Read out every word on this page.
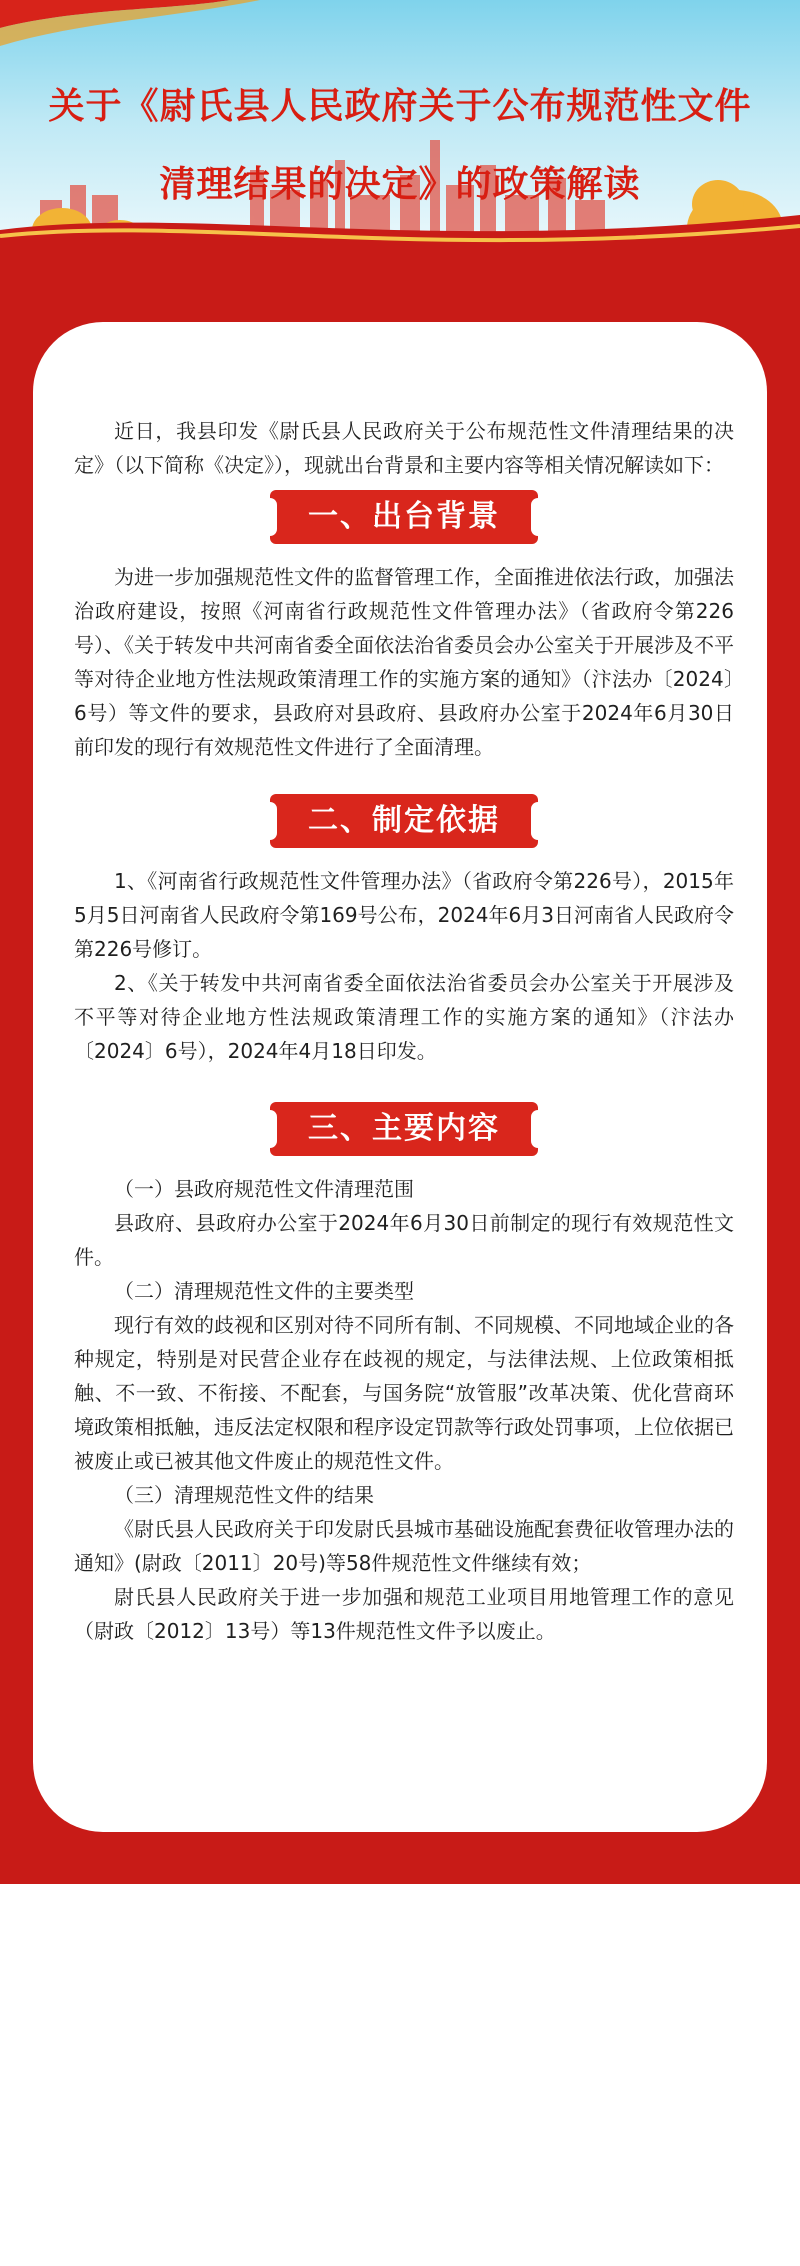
关于《尉氏县人民政府关于公布规范性文件
清理结果的决定》的政策解读

近日，我县印发《尉氏县人民政府关于公布规范性文件清理结果的决定》（以下简称《决定》），现就出台背景和主要内容等相关情况解读如下：

一、出台背景

为进一步加强规范性文件的监督管理工作，全面推进依法行政，加强法治政府建设，按照《河南省行政规范性文件管理办法》（省政府令第226号）、《关于转发中共河南省委全面依法治省委员会办公室关于开展涉及不平等对待企业地方性法规政策清理工作的实施方案的通知》（汴法办〔2024〕6号）等文件的要求，县政府对县政府、县政府办公室于2024年6月30日前印发的现行有效规范性文件进行了全面清理。

二、制定依据

1、《河南省行政规范性文件管理办法》（省政府令第226号），2015年5月5日河南省人民政府令第169号公布，2024年6月3日河南省人民政府令第226号修订。

2、《关于转发中共河南省委全面依法治省委员会办公室关于开展涉及不平等对待企业地方性法规政策清理工作的实施方案的通知》（汴法办〔2024〕6号），2024年4月18日印发。

三、主要内容

（一）县政府规范性文件清理范围

县政府、县政府办公室于2024年6月30日前制定的现行有效规范性文件。

（二）清理规范性文件的主要类型

现行有效的歧视和区别对待不同所有制、不同规模、不同地域企业的各种规定，特别是对民营企业存在歧视的规定，与法律法规、上位政策相抵触、不一致、不衔接、不配套，与国务院“放管服”改革决策、优化营商环境政策相抵触，违反法定权限和程序设定罚款等行政处罚事项，上位依据已被废止或已被其他文件废止的规范性文件。

（三）清理规范性文件的结果

《尉氏县人民政府关于印发尉氏县城市基础设施配套费征收管理办法的通知》(尉政〔2011〕20号)等58件规范性文件继续有效；

尉氏县人民政府关于进一步加强和规范工业项目用地管理工作的意见（尉政〔2012〕13号）等13件规范性文件予以废止。
